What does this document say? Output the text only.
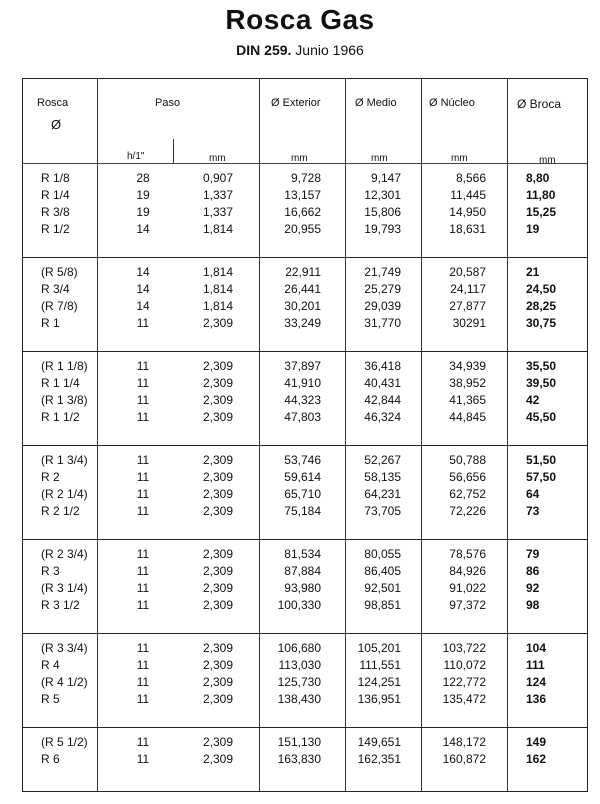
Rosca Gas
DIN 259. Junio 1966
Rosca
Ø
Paso	Ø Exterior	Ø Medio	Ø Núcleo	Ø Broca
h/1"	mm	mm	mm	mm	mm
R 1/8	28	0,907	9,728	9,147	8,566	8,80
R 1/4	19	1,337	13,157	12,301	11,445	11,80
R 3/8	19	1,337	16,662	15,806	14,950	15,25
R 1/2	14	1,814	20,955	19,793	18,631	19
(R 5/8)	14	1,814	22,911	21,749	20,587	21
R 3/4	14	1,814	26,441	25,279	24,117	24,50
(R 7/8)	14	1,814	30,201	29,039	27,877	28,25
R 1	11	2,309	33,249	31,770	30291	30,75
(R 1 1/8)	11	2,309	37,897	36,418	34,939	35,50
R 1 1/4	11	2,309	41,910	40,431	38,952	39,50
(R 1 3/8)	11	2,309	44,323	42,844	41,365	42
R 1 1/2	11	2,309	47,803	46,324	44,845	45,50
(R 1 3/4)	11	2,309	53,746	52,267	50,788	51,50
R 2	11	2,309	59,614	58,135	56,656	57,50
(R 2 1/4)	11	2,309	65,710	64,231	62,752	64
R 2 1/2	11	2,309	75,184	73,705	72,226	73
(R 2 3/4)	11	2,309	81,534	80,055	78,576	79
R 3	11	2,309	87,884	86,405	84,926	86
(R 3 1/4)	11	2,309	93,980	92,501	91,022	92
R 3 1/2	11	2,309	100,330	98,851	97,372	98
(R 3 3/4)	11	2,309	106,680	105,201	103,722	104
R 4	11	2,309	113,030	111,551	110,072	111
(R 4 1/2)	11	2,309	125,730	124,251	122,772	124
R 5	11	2,309	138,430	136,951	135,472	136
(R 5 1/2)	11	2,309	151,130	149,651	148,172	149
R 6	11	2,309	163,830	162,351	160,872	162
